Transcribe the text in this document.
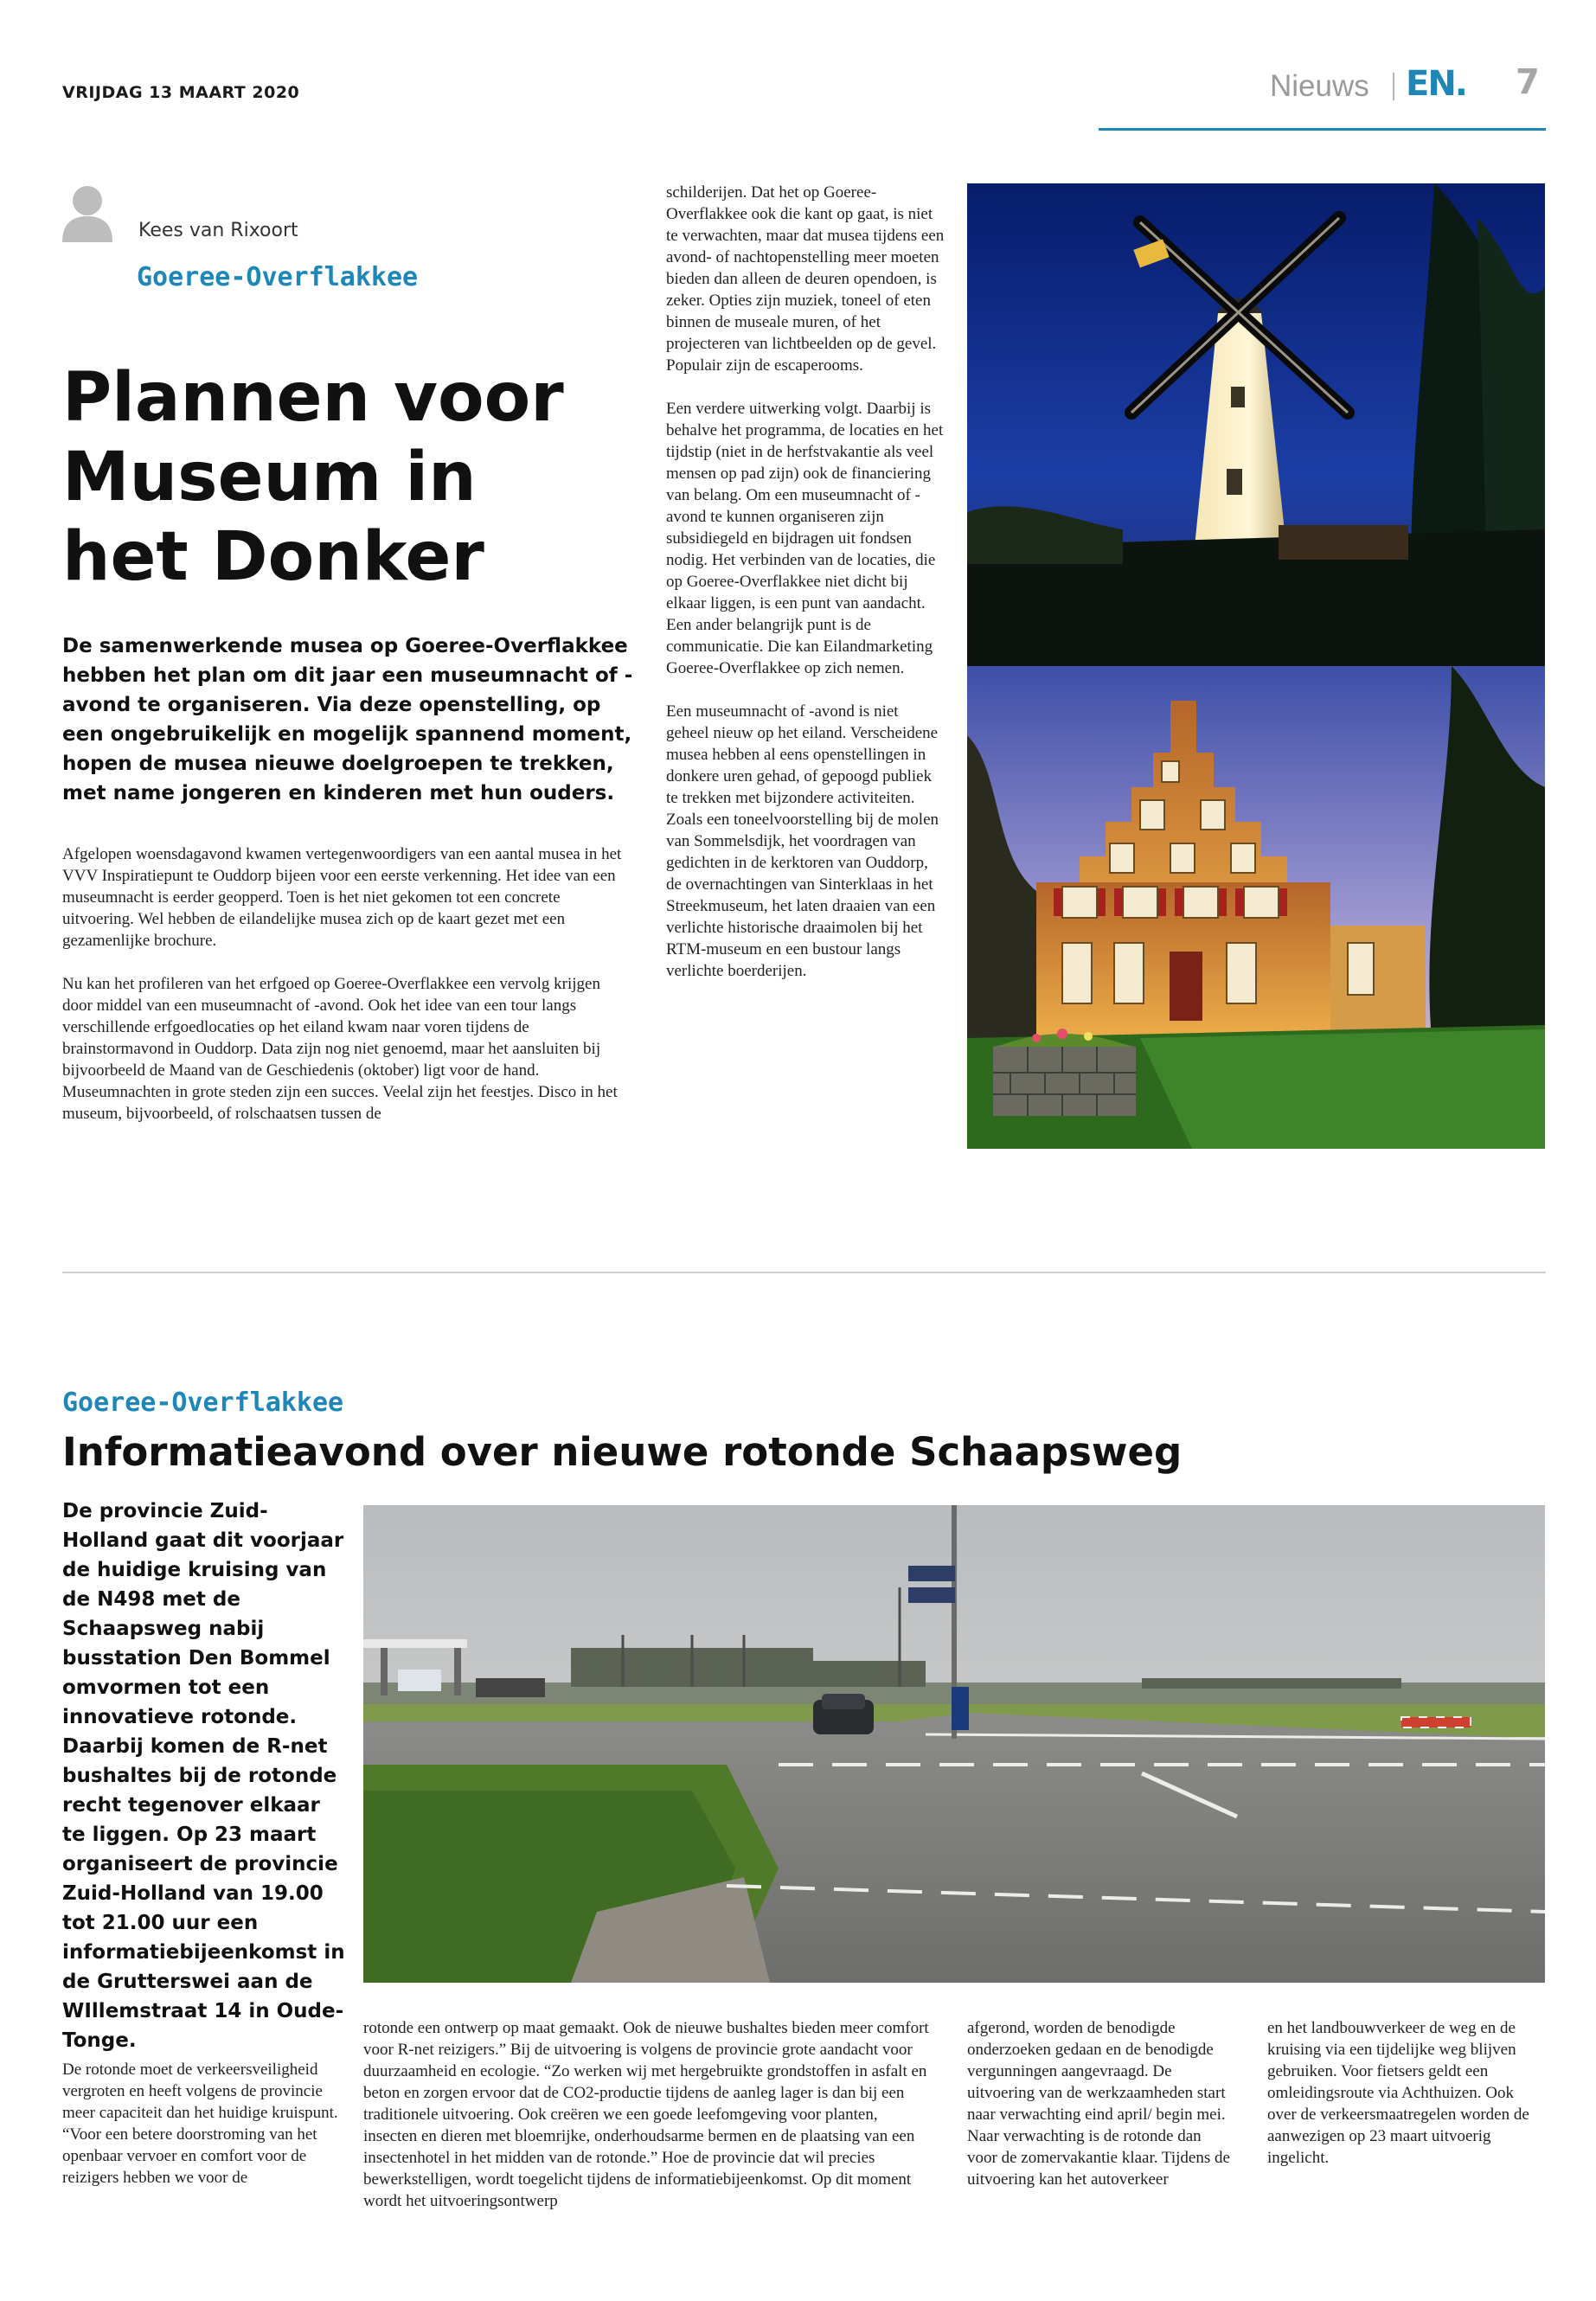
VRIJDAG 13 MAART 2020	Nieuws EN. 7
Kees van Rixoort
Goeree-Overflakkee
Plannen voor Museum in het Donker

De samenwerkende musea op Goeree-Overflakkee hebben het plan om dit jaar een museumnacht of -avond te organiseren. Via deze openstelling, op een ongebruikelijk en mogelijk spannend moment, hopen de musea nieuwe doelgroepen te trekken, met name jongeren en kinderen met hun ouders.

Afgelopen woensdagavond kwamen vertegenwoordigers van een aantal musea in het VVV Inspiratiepunt te Ouddorp bijeen voor een eerste verkenning. Het idee van een museumnacht is eerder geopperd. Toen is het niet gekomen tot een concrete uitvoering. Wel hebben de eilandelijke musea zich op de kaart gezet met een gezamenlijke brochure.

Nu kan het profileren van het erfgoed op Goeree-Overflakkee een vervolg krijgen door middel van een museumnacht of -avond. Ook het idee van een tour langs verschillende erfgoedlocaties op het eiland kwam naar voren tijdens de brainstormavond in Ouddorp. Data zijn nog niet genoemd, maar het aansluiten bij bijvoorbeeld de Maand van de Geschiedenis (oktober) ligt voor de hand. Museumnachten in grote steden zijn een succes. Veelal zijn het feestjes. Disco in het museum, bijvoorbeeld, of rolschaatsen tussen de

schilderijen. Dat het op Goeree-Overflakkee ook die kant op gaat, is niet te verwachten, maar dat musea tijdens een avond- of nachtopenstelling meer moeten bieden dan alleen de deuren opendoen, is zeker. Opties zijn muziek, toneel of eten binnen de museale muren, of het projecteren van lichtbeelden op de gevel. Populair zijn de escaperooms.

Een verdere uitwerking volgt. Daarbij is behalve het programma, de locaties en het tijdstip (niet in de herfstvakantie als veel mensen op pad zijn) ook de financiering van belang. Om een museumnacht of -avond te kunnen organiseren zijn subsidiegeld en bijdragen uit fondsen nodig. Het verbinden van de locaties, die op Goeree-Overflakkee niet dicht bij elkaar liggen, is een punt van aandacht. Een ander belangrijk punt is de communicatie. Die kan Eilandmarketing Goeree-Overflakkee op zich nemen.

Een museumnacht of -avond is niet geheel nieuw op het eiland. Verscheidene musea hebben al eens openstellingen in donkere uren gehad, of gepoogd publiek te trekken met bijzondere activiteiten. Zoals een toneelvoorstelling bij de molen van Sommelsdijk, het voordragen van gedichten in de kerktoren van Ouddorp, de overnachtingen van Sinterklaas in het Streekmuseum, het laten draaien van een verlichte historische draaimolen bij het RTM-museum en een bustour langs verlichte boerderijen.

Goeree-Overflakkee
Informatieavond over nieuwe rotonde Schaapsweg

De provincie Zuid-Holland gaat dit voorjaar de huidige kruising van de N498 met de Schaapsweg nabij busstation Den Bommel omvormen tot een innovatieve rotonde. Daarbij komen de R-net bushaltes bij de rotonde recht tegenover elkaar te liggen. Op 23 maart organiseert de provincie Zuid-Holland van 19.00 tot 21.00 uur een informatiebijeenkomst in de Grutterswei aan de WIllemstraat 14 in Oude-Tonge.

De rotonde moet de verkeersveiligheid vergroten en heeft volgens de provincie meer capaciteit dan het huidige kruispunt. “Voor een betere doorstroming van het openbaar vervoer en comfort voor de reizigers hebben we voor de

rotonde een ontwerp op maat gemaakt. Ook de nieuwe bushaltes bieden meer comfort voor R-net reizigers.” Bij de uitvoering is volgens de provincie grote aandacht voor duurzaamheid en ecologie. “Zo werken wij met hergebruikte grondstoffen in asfalt en beton en zorgen ervoor dat de CO2-productie tijdens de aanleg lager is dan bij een traditionele uitvoering. Ook creëren we een goede leefomgeving voor planten, insecten en dieren met bloemrijke, onderhoudsarme bermen en de plaatsing van een insectenhotel in het midden van de rotonde.” Hoe de provincie dat wil precies bewerkstelligen, wordt toegelicht tijdens de informatiebijeenkomst. Op dit moment wordt het uitvoeringsontwerp

afgerond, worden de benodigde onderzoeken gedaan en de benodigde vergunningen aangevraagd. De uitvoering van de werkzaamheden start naar verwachting eind april/ begin mei. Naar verwachting is de rotonde dan voor de zomervakantie klaar. Tijdens de uitvoering kan het autoverkeer

en het landbouwverkeer de weg en de kruising via een tijdelijke weg blijven gebruiken. Voor fietsers geldt een omleidingsroute via Achthuizen. Ook over de verkeersmaatregelen worden de aanwezigen op 23 maart uitvoerig ingelicht.
